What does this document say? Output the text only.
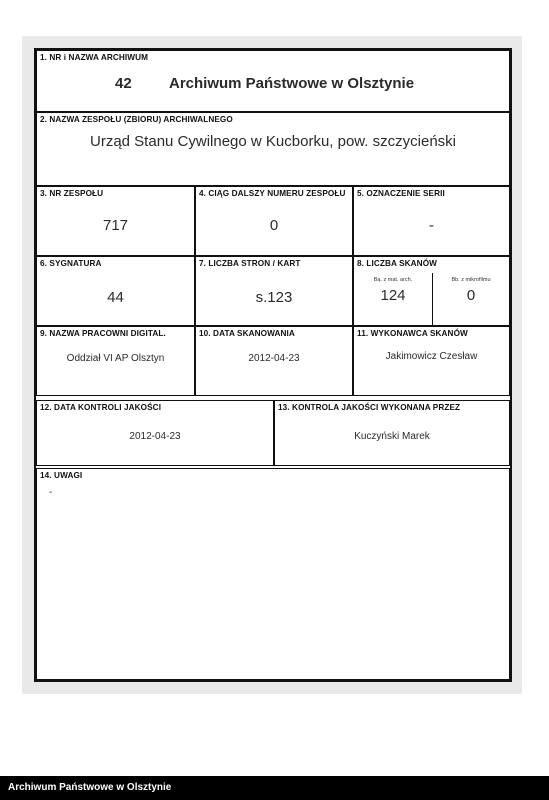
1. NR i NAZWA ARCHIWUM
42 Archiwum Państwowe w Olsztynie
2. NAZWA ZESPOŁU (ZBIORU) ARCHIWALNEGO
Urząd Stanu Cywilnego w Kucborku, pow. szczycieński
3. NR ZESPOŁU
717
4. CIĄG DALSZY NUMERU ZESPOŁU
0
5. OZNACZENIE SERII
-
6. SYGNATURA
44
7. LICZBA STRON / KART
s.123
8. LICZBA SKANÓW
Bą. z mat. arch.
124
Bb. z mikrofilmu
0
9. NAZWA PRACOWNI DIGITAL.
Oddział VI AP Olsztyn
10. DATA SKANOWANIA
2012-04-23
11. WYKONAWCA SKANÓW
Jakimowicz Czesław
12. DATA KONTROLI JAKOŚCI
2012-04-23
13. KONTROLA JAKOŚCI WYKONANA PRZEZ
Kuczyński Marek
14. UWAGI
-
Archiwum Państwowe w Olsztynie
